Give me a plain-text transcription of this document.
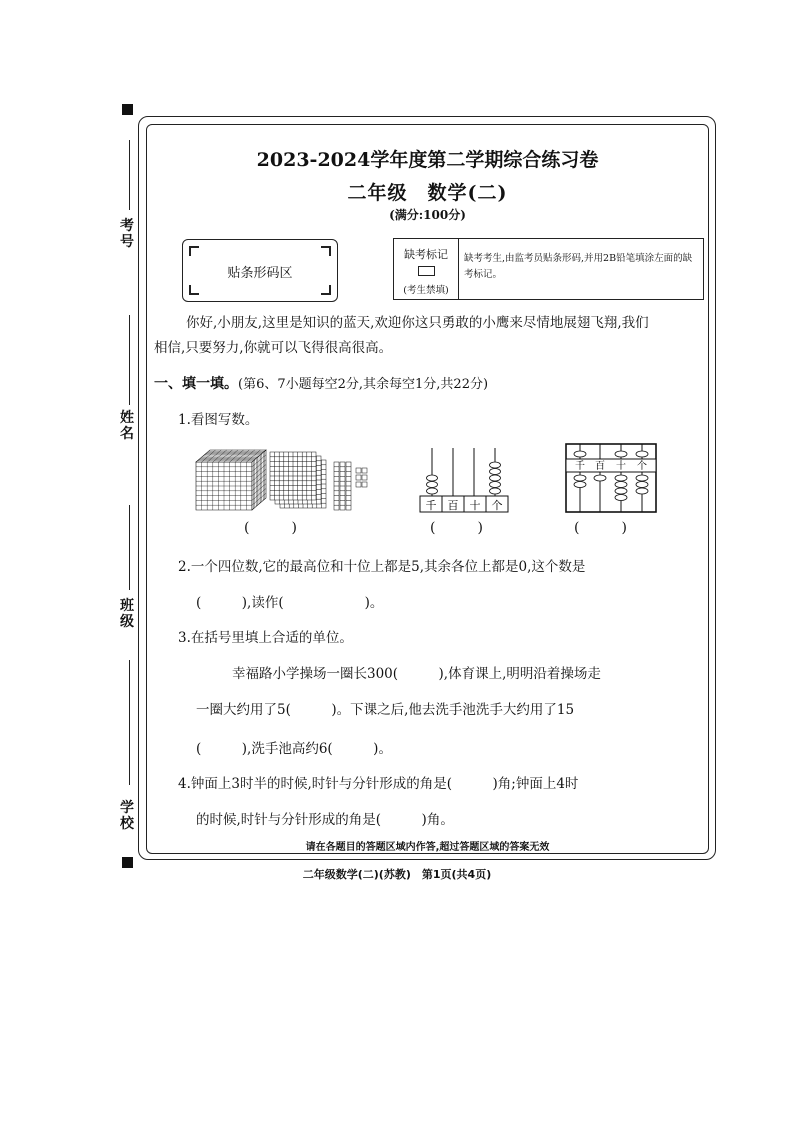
考号
姓名
班级
学校
2023-2024学年度第二学期综合练习卷
二年级　数学(二)
(满分:100分)
贴条形码区
缺考标记
(考生禁填)
缺考考生,由监考员贴条形码,并用2B铅笔填涂左面的缺考标记。
你好,小朋友,这里是知识的蓝天,欢迎你这只勇敢的小鹰来尽情地展翅飞翔,我们
相信,只要努力,你就可以飞得很高很高。
一、填一填。(第6、7小题每空2分,其余每空1分,共22分)
1.看图写数。
千 百 十 个
千 百 十 个
(　　　)	(　　　)	(　　　)
2.一个四位数,它的最高位和十位上都是5,其余各位上都是0,这个数是
(　　　),读作(　　　　　　)。
3.在括号里填上合适的单位。
幸福路小学操场一圈长300(　　　),体育课上,明明沿着操场走
一圈大约用了5(　　　)。下课之后,他去洗手池洗手大约用了15
(　　　),洗手池高约6(　　　)。
4.钟面上3时半的时候,时针与分针形成的角是(　　　)角;钟面上4时
的时候,时针与分针形成的角是(　　　)角。
请在各题目的答题区域内作答,超过答题区域的答案无效
二年级数学(二)(苏教)　第1页(共4页)
